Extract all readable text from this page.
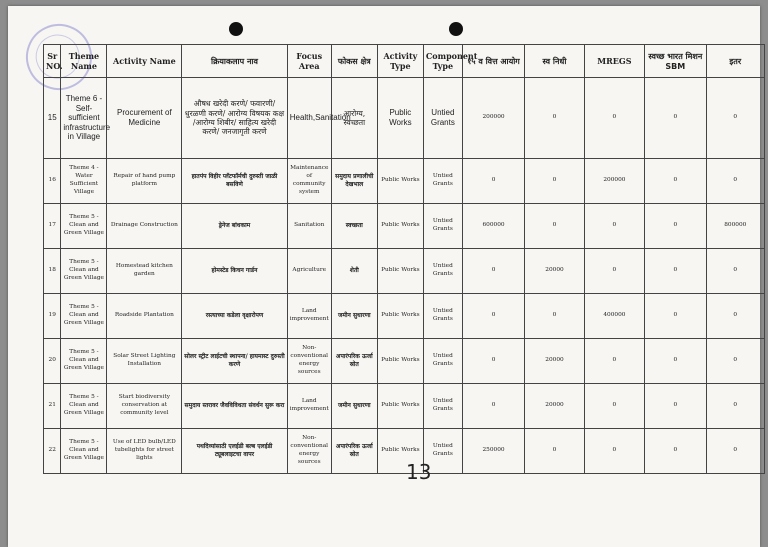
Sr NO.	Theme Name	Activity Name	क्रियाकलाप नाव	Focus Area	फोकस क्षेत्र	Activity Type	Component Type	१५ व वित्त आयोग	स्व निधी	MREGS	स्वच्छ भारत मिशन SBM	इतर
15	Theme 6 - Self-sufficient infrastructure in Village	Procurement of Medicine	औषध खरेदी करणे/ फवारणी/ धुरळणी करणे/ आरोग्य विषयक कक्ष /आरोग्य शिबीर/ साहित्य खरेदी करणे/ जनजागृती करणे	Health,Sanitation	आरोग्य, स्वच्छता	Public Works	Untied Grants	200000	0	0	0	0
16	Theme 4 - Water Sufficient Village	Repair of hand pump platform	हातपंप विहीर प्लॅटफॉर्मची दुरुस्ती जाळी बसविणे	Maintenance of community system	समुदाय प्रणालीची देखभाल	Public Works	Untied Grants	0	0	200000	0	0
17	Theme 5 - Clean and Green Village	Drainage Construction	ड्रेनेज बांधकाम	Sanitation	स्वच्छता	Public Works	Untied Grants	600000	0	0	0	800000
18	Theme 5 - Clean and Green Village	Homestead kitchen garden	होमस्टेड किचन गार्डन	Agriculture	शेती	Public Works	Untied Grants	0	20000	0	0	0
19	Theme 5 - Clean and Green Village	Roadside Plantation	रस्त्याच्या कडेला वृक्षारोपण	Land improvement	जमीन सुधारणा	Public Works	Untied Grants	0	0	400000	0	0
20	Theme 5 - Clean and Green Village	Solar Street Lighting Installation	सोलर स्ट्रीट लाईटची स्थापना/ हायमास्ट दुरुस्ती करणे	Non-conventional energy sources	अपारंपरिक ऊर्जा स्रोत	Public Works	Untied Grants	0	20000	0	0	0
21	Theme 5 - Clean and Green Village	Start biodiversity conservation at community level	समुदाय स्तरावर जैवविविधता संवर्धन सुरू करा	Land improvement	जमीन सुधारणा	Public Works	Untied Grants	0	20000	0	0	0
22	Theme 5 - Clean and Green Village	Use of LED bulb/LED tubelights for street lights	पथदिव्यांसाठी एलईडी बल्ब एलईडी ट्यूबलाइटचा वापर	Non-conventional energy sources	अपारंपरिक ऊर्जा स्रोत	Public Works	Untied Grants	250000	0	0	0	0
13
